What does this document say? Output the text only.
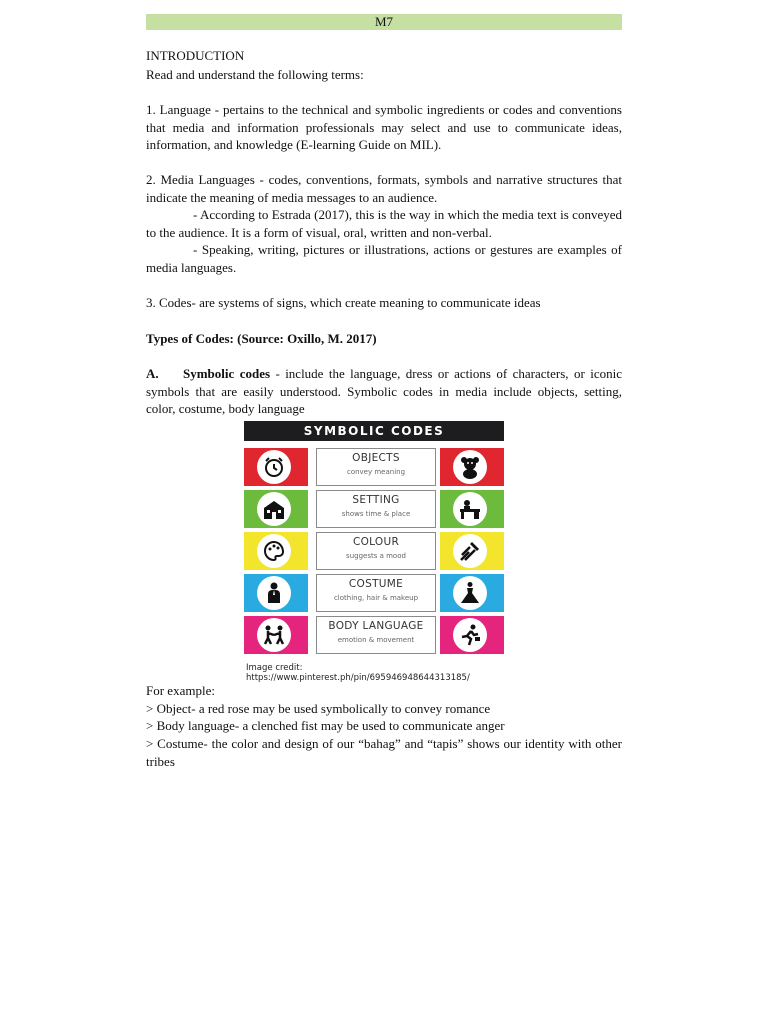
M7
INTRODUCTION
Read and understand the following terms:
1. Language - pertains to the technical and symbolic ingredients or codes and conventions that media and information professionals may select and use to communicate ideas, information, and knowledge (E-learning Guide on MIL).
2. Media Languages - codes, conventions, formats, symbols and narrative structures that indicate the meaning of media messages to an audience.
- According to Estrada (2017), this is the way in which the media text is conveyed to the audience. It is a form of visual, oral, written and non-verbal.
- Speaking, writing, pictures or illustrations, actions or gestures are examples of media languages.
3. Codes- are systems of signs, which create meaning to communicate ideas
Types of Codes: (Source: Oxillo, M. 2017)
A. Symbolic codes - include the language, dress or actions of characters, or iconic symbols that are easily understood. Symbolic codes in media include objects, setting, color, costume, body language
SYMBOLIC CODES
OBJECTS
convey meaning
SETTING
shows time & place
COLOUR
suggests a mood
COSTUME
clothing, hair & makeup
BODY LANGUAGE
emotion & movement
Image credit: https://www.pinterest.ph/pin/695946948644313185/
For example:
> Object- a red rose may be used symbolically to convey romance
> Body language- a clenched fist may be used to communicate anger
> Costume- the color and design of our “bahag” and “tapis” shows our identity with other tribes
